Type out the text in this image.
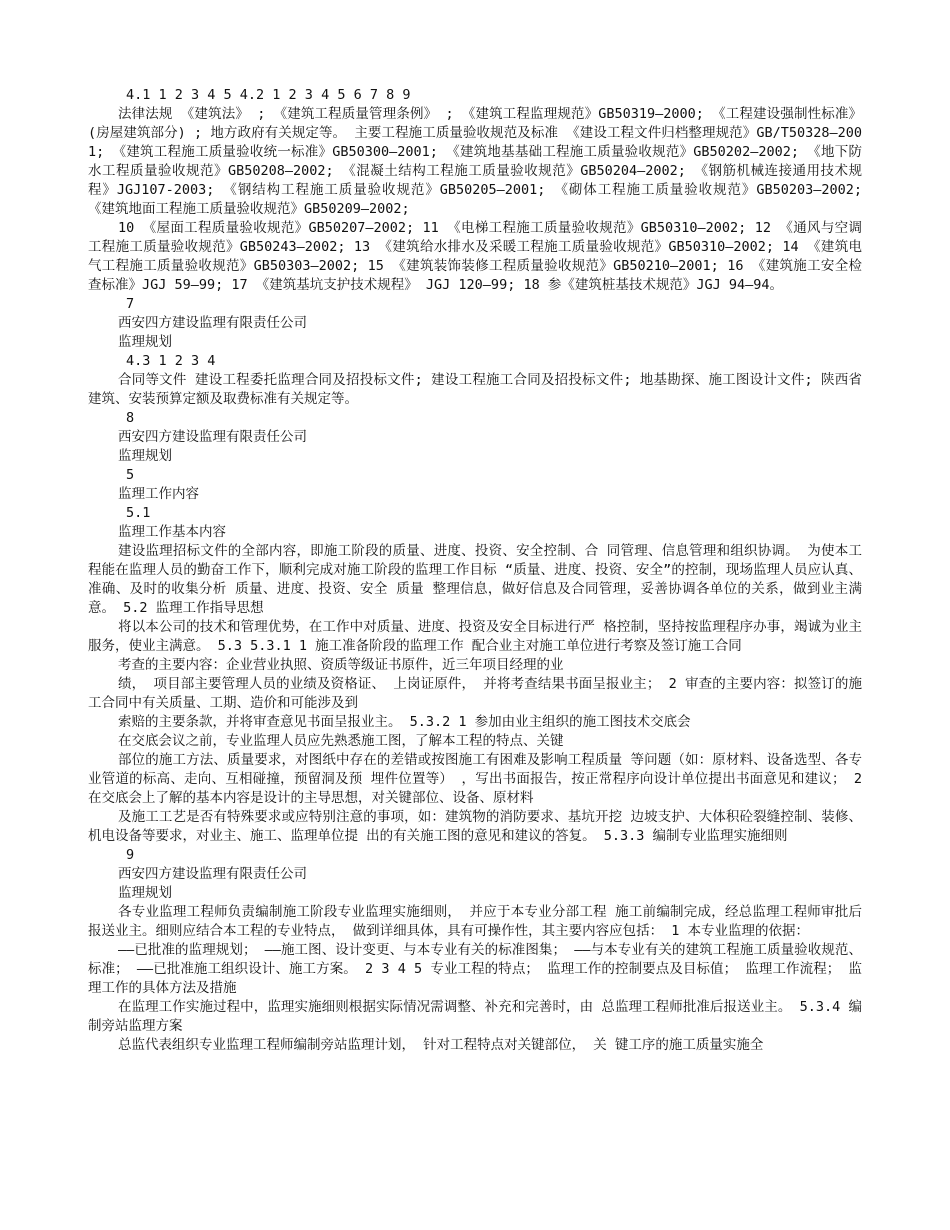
4.1 1 2 3 4 5 4.2 1 2 3 4 5 6 7 8 9

法律法规 《建筑法》 ; 《建筑工程质量管理条例》 ; 《建筑工程监理规范》GB50319—2000; 《工程建设强制性标准》 (房屋建筑部分) ; 地方政府有关规定等。 主要工程施工质量验收规范及标准 《建设工程文件归档整理规范》GB/T50328—2001; 《建筑工程施工质量验收统一标准》GB50300—2001; 《建筑地基基础工程施工质量验收规范》GB50202—2002; 《地下防水工程质量验收规范》GB50208—2002; 《混凝土结构工程施工质量验收规范》GB50204—2002; 《钢筋机械连接通用技术规程》JGJ107-2003; 《钢结构工程施工质量验收规范》GB50205—2001; 《砌体工程施工质量验收规范》GB50203—2002; 《建筑地面工程施工质量验收规范》GB50209—2002;

10 《屋面工程质量验收规范》GB50207—2002; 11 《电梯工程施工质量验收规范》GB50310—2002; 12 《通风与空调工程施工质量验收规范》GB50243—2002; 13 《建筑给水排水及采暖工程施工质量验收规范》GB50310—2002; 14 《建筑电气工程施工质量验收规范》GB50303—2002; 15 《建筑装饰装修工程质量验收规范》GB50210—2001; 16 《建筑施工安全检查标准》JGJ 59—99; 17 《建筑基坑支护技术规程》 JGJ 120—99; 18 参《建筑桩基技术规范》JGJ 94—94。

7

西安四方建设监理有限责任公司

监理规划

4.3 1 2 3 4

合同等文件 建设工程委托监理合同及招投标文件; 建设工程施工合同及招投标文件; 地基勘探、施工图设计文件; 陕西省建筑、安装预算定额及取费标准有关规定等。

8

西安四方建设监理有限责任公司

监理规划

5

监理工作内容

5.1

监理工作基本内容

建设监理招标文件的全部内容，即施工阶段的质量、进度、投资、安全控制、合 同管理、信息管理和组织协调。 为使本工程能在监理人员的勤奋工作下，顺利完成对施工阶段的监理工作目标 “质量、进度、投资、安全”的控制，现场监理人员应认真、准确、及时的收集分析 质量、进度、投资、安全 质量 整理信息，做好信息及合同管理，妥善协调各单位的关系，做到业主满意。 5.2 监理工作指导思想

将以本公司的技术和管理优势，在工作中对质量、进度、投资及安全目标进行严 格控制，坚持按监理程序办事，竭诚为业主服务，使业主满意。 5.3 5.3.1 1 施工准备阶段的监理工作 配合业主对施工单位进行考察及签订施工合同

考查的主要内容：企业营业执照、资质等级证书原件，近三年项目经理的业

绩， 项目部主要管理人员的业绩及资格证、 上岗证原件， 并将考查结果书面呈报业主； 2 审查的主要内容：拟签订的施工合同中有关质量、工期、造价和可能涉及到

索赔的主要条款，并将审查意见书面呈报业主。 5.3.2 1 参加由业主组织的施工图技术交底会

在交底会议之前，专业监理人员应先熟悉施工图，了解本工程的特点、关键

部位的施工方法、质量要求，对图纸中存在的差错或按图施工有困难及影响工程质量 等问题（如：原材料、设备选型、各专业管道的标高、走向、互相碰撞，预留洞及预 埋件位置等） ，写出书面报告，按正常程序向设计单位提出书面意见和建议； 2 在交底会上了解的基本内容是设计的主导思想，对关键部位、设备、原材料

及施工工艺是否有特殊要求或应特别注意的事项，如：建筑物的消防要求、基坑开挖 边坡支护、大体积砼裂缝控制、装修、机电设备等要求，对业主、施工、监理单位提 出的有关施工图的意见和建议的答复。 5.3.3 编制专业监理实施细则

9

西安四方建设监理有限责任公司

监理规划

各专业监理工程师负责编制施工阶段专业监理实施细则， 并应于本专业分部工程 施工前编制完成，经总监理工程师审批后报送业主。细则应结合本工程的专业特点， 做到详细具体，具有可操作性，其主要内容应包括： 1 本专业监理的依据：

——已批准的监理规划； ——施工图、设计变更、与本专业有关的标准图集； ——与本专业有关的建筑工程施工质量验收规范、标准； ——已批准施工组织设计、施工方案。 2 3 4 5 专业工程的特点； 监理工作的控制要点及目标值； 监理工作流程； 监理工作的具体方法及措施

在监理工作实施过程中，监理实施细则根据实际情况需调整、补充和完善时，由 总监理工程师批准后报送业主。 5.3.4 编制旁站监理方案

总监代表组织专业监理工程师编制旁站监理计划， 针对工程特点对关键部位， 关 键工序的施工质量实施全
